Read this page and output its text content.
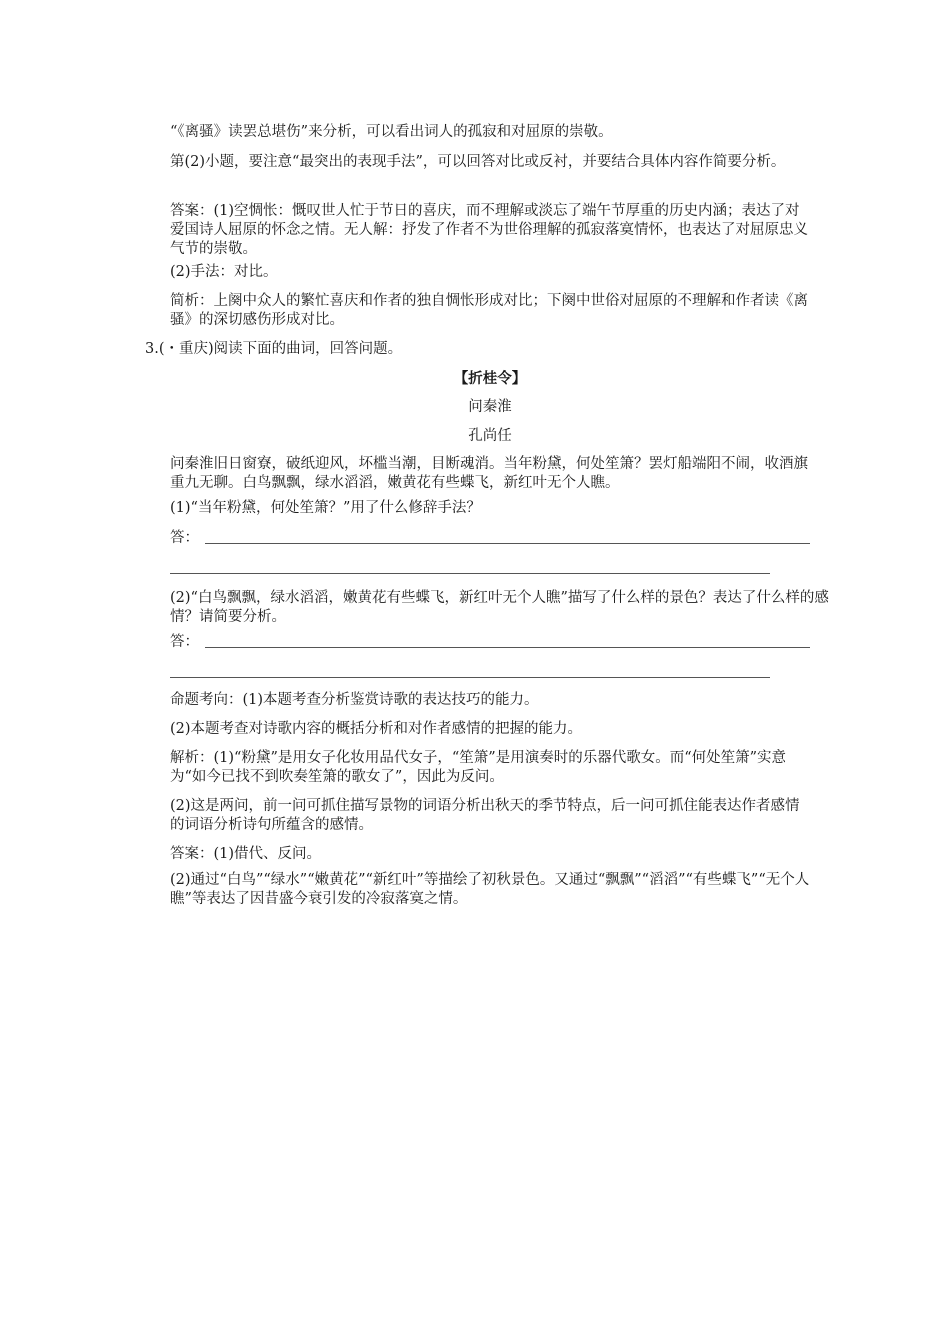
“《离骚》读罢总堪伤”来分析，可以看出词人的孤寂和对屈原的崇敬。

第(2)小题，要注意“最突出的表现手法”，可以回答对比或反衬，并要结合具体内容作简要分析。

答案：(1)空惆怅：慨叹世人忙于节日的喜庆，而不理解或淡忘了端午节厚重的历史内涵；表达了对爱国诗人屈原的怀念之情。无人解：抒发了作者不为世俗理解的孤寂落寞情怀，也表达了对屈原忠义气节的崇敬。

(2)手法：对比。

简析：上阕中众人的繁忙喜庆和作者的独自惆怅形成对比；下阕中世俗对屈原的不理解和作者读《离骚》的深切感伤形成对比。

3.(・重庆)阅读下面的曲词，回答问题。

【折桂令】

问秦淮

孔尚任

问秦淮旧日窗寮，破纸迎风，坏槛当潮，目断魂消。当年粉黛，何处笙箫？罢灯船端阳不闹，收酒旗重九无聊。白鸟飘飘，绿水滔滔，嫩黄花有些蝶飞，新红叶无个人瞧。

(1)“当年粉黛，何处笙箫？”用了什么修辞手法？

答：

(2)“白鸟飘飘，绿水滔滔，嫩黄花有些蝶飞，新红叶无个人瞧”描写了什么样的景色？表达了什么样的感情？请简要分析。

答：

命题考向：(1)本题考查分析鉴赏诗歌的表达技巧的能力。

(2)本题考查对诗歌内容的概括分析和对作者感情的把握的能力。

解析：(1)“粉黛”是用女子化妆用品代女子，“笙箫”是用演奏时的乐器代歌女。而“何处笙箫”实意为“如今已找不到吹奏笙箫的歌女了”，因此为反问。

(2)这是两问，前一问可抓住描写景物的词语分析出秋天的季节特点，后一问可抓住能表达作者感情的词语分析诗句所蕴含的感情。

答案：(1)借代、反问。

(2)通过“白鸟”“绿水”“嫩黄花”“新红叶”等描绘了初秋景色。又通过“飘飘”“滔滔”“有些蝶飞”“无个人瞧”等表达了因昔盛今衰引发的冷寂落寞之情。
